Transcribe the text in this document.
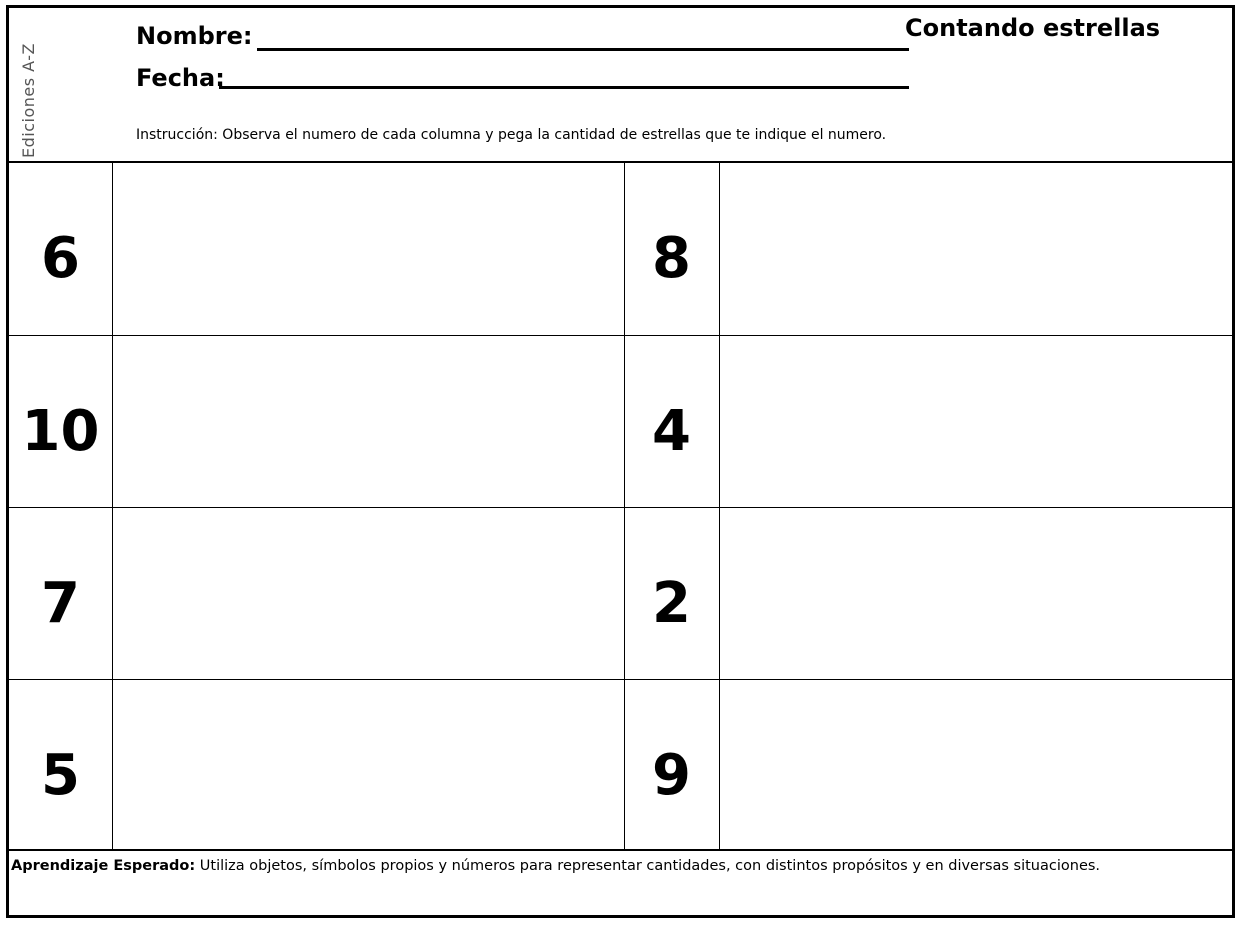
Ediciones A-Z
Nombre:
Fecha:
Contando estrellas
Instrucción: Observa el numero de cada columna y pega la cantidad de estrellas que te indique el numero.
6	8
10	4
7	2
5	9
Aprendizaje Esperado: Utiliza objetos, símbolos propios y números para representar cantidades, con distintos propósitos y en diversas situaciones.
